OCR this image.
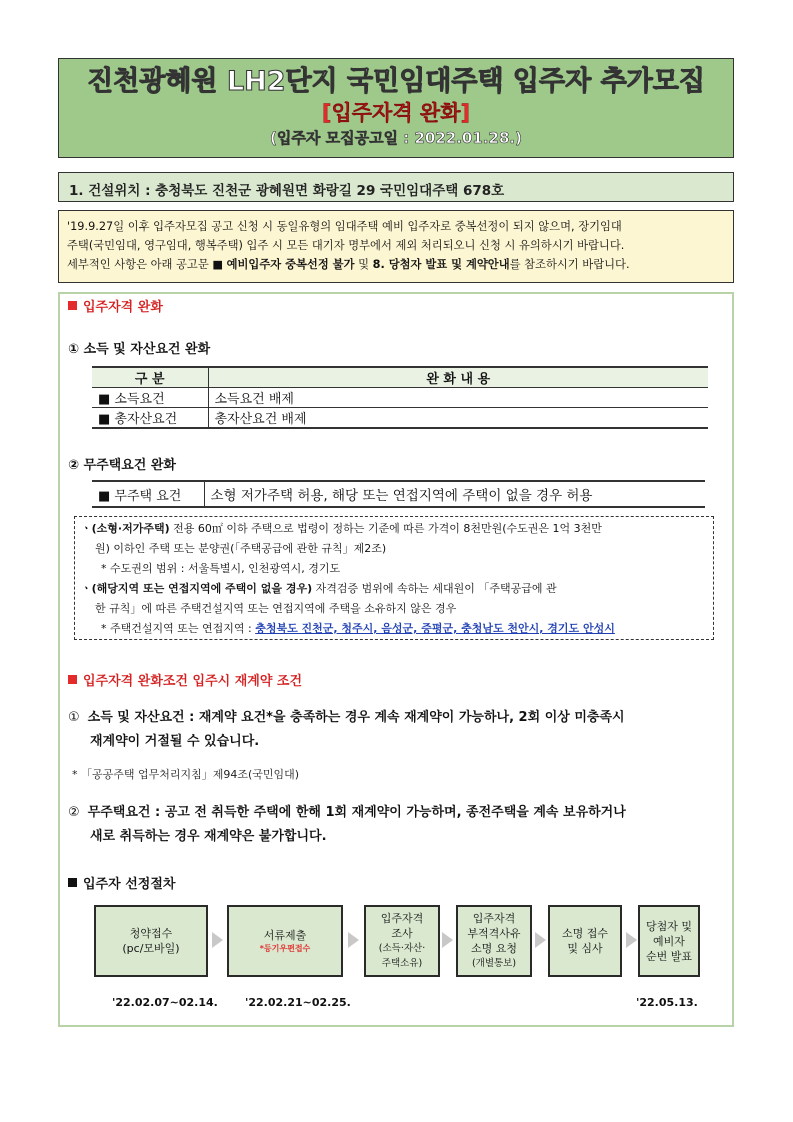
진천광혜원 LH2단지 국민임대주택 입주자 추가모집
[입주자격 완화]
(입주자 모집공고일 : 2022.01.28.)
1. 건설위치 : 충청북도 진천군 광혜원면 화랑길 29 국민임대주택 678호
'19.9.27일 이후 입주자모집 공고 신청 시 동일유형의 임대주택 예비 입주자로 중복선정이 되지 않으며, 장기임대
주택(국민임대, 영구임대, 행복주택) 입주 시 모든 대기자 명부에서 제외 처리되오니 신청 시 유의하시기 바랍니다.
세부적인 사항은 아래 공고문 ■ 예비입주자 중복선정 불가 및 8. 당첨자 발표 및 계약안내를 참조하시기 바랍니다.
입주자격 완화
① 소득 및 자산요건 완화
구 분	완 화 내 용
■ 소득요건	소득요건 배제
■ 총자산요건	총자산요건 배제
② 무주택요건 완화
■ 무주택 요건	소형 저가주택 허용, 해당 또는 연접지역에 주택이 없을 경우 허용
ㆍ(소형·저가주택) 전용 60㎡ 이하 주택으로 법령이 정하는 기준에 따른 가격이 8천만원(수도권은 1억 3천만
원) 이하인 주택 또는 분양권(「주택공급에 관한 규칙」제2조)
* 수도권의 범위 : 서울특별시, 인천광역시, 경기도
ㆍ(해당지역 또는 연접지역에 주택이 없을 경우) 자격검증 범위에 속하는 세대원이 「주택공급에 관
한 규칙」에 따른 주택건설지역 또는 연접지역에 주택을 소유하지 않은 경우
* 주택건설지역 또는 연접지역 : 충청북도 진천군, 청주시, 음성군, 증평군, 충청남도 천안시, 경기도 안성시
입주자격 완화조건 입주시 재계약 조건
① 소득 및 자산요건 : 재계약 요건*을 충족하는 경우 계속 재계약이 가능하나, 2회 이상 미충족시
재계약이 거절될 수 있습니다.
* 「공공주택 업무처리지침」제94조(국민임대)
② 무주택요건 : 공고 전 취득한 주택에 한해 1회 재계약이 가능하며, 종전주택을 계속 보유하거나
새로 취득하는 경우 재계약은 불가합니다.
입주자 선정절차
청약접수
(pc/모바일)
서류제출
*등기우편접수
입주자격
조사
(소득·자산·
주택소유)
입주자격
부적격사유
소명 요청
(개별통보)
소명 접수
및 심사
당첨자 및
예비자
순번 발표
'22.02.07~02.14. '22.02.21~02.25.	'22.05.13.
